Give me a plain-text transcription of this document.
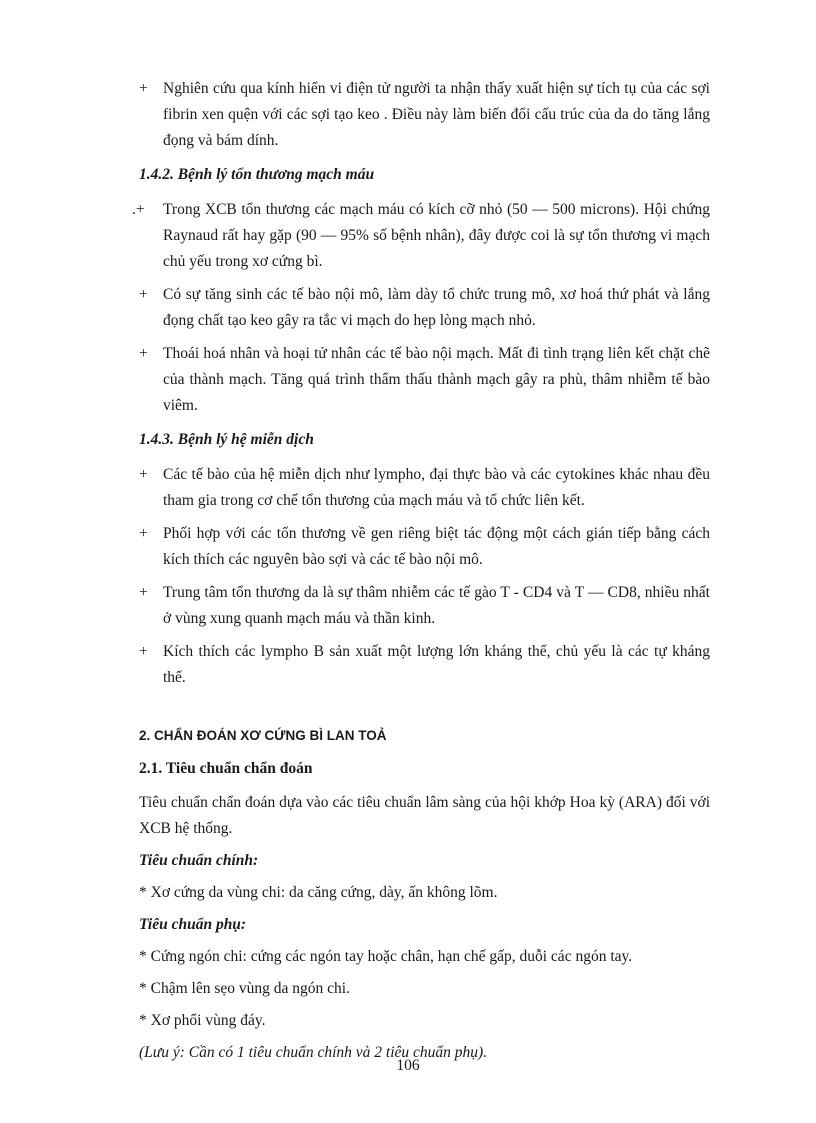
+ Nghiên cứu qua kính hiển vi điện tử người ta nhận thấy xuất hiện sự tích tụ của các sợi fibrin xen quện với các sợi tạo keo . Điều này làm biến đổi cấu trúc của da do tăng lắng đọng và bám dính.
1.4.2. Bệnh lý tổn thương mạch máu
.+ Trong XCB tổn thương các mạch máu có kích cỡ nhỏ (50 — 500 microns). Hội chứng Raynaud rất hay gặp (90 — 95% số bệnh nhân), đây được coi là sự tổn thương vi mạch chủ yếu trong xơ cứng bì.
+ Có sự tăng sinh các tế bào nội mô, làm dày tổ chức trung mô, xơ hoá thứ phát và lắng đọng chất tạo keo gây ra tắc vi mạch do hẹp lòng mạch nhỏ.
+ Thoái hoá nhân và hoại tử nhân các tế bào nội mạch. Mất đi tình trạng liên kết chặt chẽ của thành mạch. Tăng quá trình thẩm thấu thành mạch gây ra phù, thâm nhiễm tế bào viêm.
1.4.3. Bệnh lý hệ miễn dịch
+ Các tế bào của hệ miễn dịch như lympho, đại thực bào và các cytokines khác nhau đều tham gia trong cơ chế tổn thương của mạch máu và tổ chức liên kết.
+ Phối hợp với các tổn thương về gen riêng biệt tác động một cách gián tiếp bằng cách kích thích các nguyên bào sợi và các tế bào nội mô.
+ Trung tâm tổn thương da là sự thâm nhiễm các tế gào T - CD4 và T — CD8, nhiều nhất ở vùng xung quanh mạch máu và thần kinh.
+ Kích thích các lympho B sản xuất một lượng lớn kháng thể, chủ yếu là các tự kháng thể.
2. CHẨN ĐOÁN XƠ CỨNG BÌ LAN TOẢ
2.1. Tiêu chuẩn chẩn đoán
Tiêu chuẩn chẩn đoán dựa vào các tiêu chuẩn lâm sàng của hội khớp Hoa kỳ (ARA) đối với XCB hệ thống.
Tiêu chuẩn chính:
* Xơ cứng da vùng chi: da căng cứng, dày, ấn không lõm.
Tiêu chuẩn phụ:
* Cứng ngón chi: cứng các ngón tay hoặc chân, hạn chế gấp, duỗi các ngón tay.
* Chậm lên sẹo vùng da ngón chi.
* Xơ phổi vùng đáy.
(Lưu ý: Cần có 1 tiêu chuẩn chính và 2 tiêu chuẩn phụ).
106
